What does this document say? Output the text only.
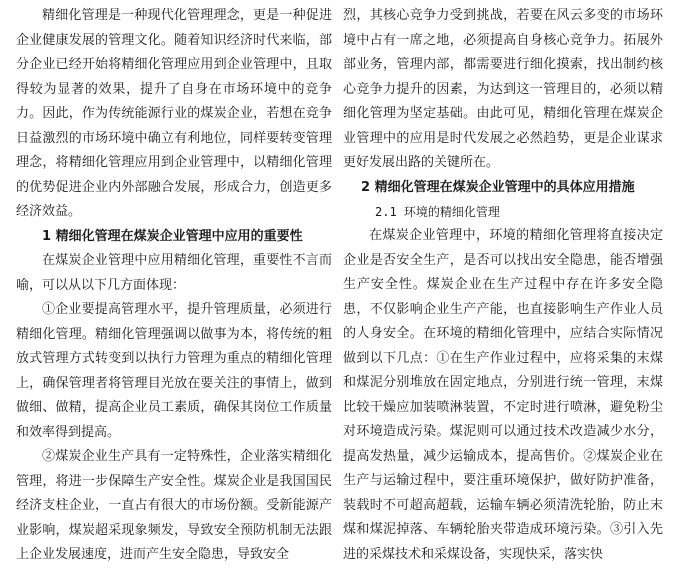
精细化管理是一种现代化管理理念，更是一种促进企业健康发展的管理文化。随着知识经济时代来临，部分企业已经开始将精细化管理应用到企业管理中，且取得较为显著的效果，提升了自身在市场环境中的竞争力。因此，作为传统能源行业的煤炭企业，若想在竞争日益激烈的市场环境中确立有利地位，同样要转变管理理念，将精细化管理应用到企业管理中，以精细化管理的优势促进企业内外部融合发展，形成合力，创造更多经济效益。

1 精细化管理在煤炭企业管理中应用的重要性

在煤炭企业管理中应用精细化管理，重要性不言而喻，可以从以下几方面体现：

①企业要提高管理水平，提升管理质量，必须进行精细化管理。精细化管理强调以做事为本，将传统的粗放式管理方式转变到以执行力管理为重点的精细化管理上，确保管理者将管理目光放在要关注的事情上，做到做细、做精，提高企业员工素质，确保其岗位工作质量和效率得到提高。

②煤炭企业生产具有一定特殊性，企业落实精细化管理，将进一步保障生产安全性。煤炭企业是我国国民经济支柱企业，一直占有很大的市场份额。受新能源产业影响，煤炭超采现象频发，导致安全预防机制无法跟上企业发展速度，进而产生安全隐患，导致安全

烈，其核心竞争力受到挑战，若要在风云多变的市场环境中占有一席之地，必须提高自身核心竞争力。拓展外部业务，管理内部，都需要进行细化摸索，找出制约核心竞争力提升的因素，为达到这一管理目的，必须以精细化管理为坚定基础。由此可见，精细化管理在煤炭企业管理中的应用是时代发展之必然趋势，更是企业谋求更好发展出路的关键所在。

2 精细化管理在煤炭企业管理中的具体应用措施
2.1 环境的精细化管理

在煤炭企业管理中，环境的精细化管理将直接决定企业是否安全生产，是否可以找出安全隐患，能否增强生产安全性。煤炭企业在生产过程中存在许多安全隐患，不仅影响企业生产产能，也直接影响生产作业人员的人身安全。在环境的精细化管理中，应结合实际情况做到以下几点：①在生产作业过程中，应将采集的末煤和煤泥分别堆放在固定地点，分别进行统一管理，末煤比较干燥应加装喷淋装置，不定时进行喷淋，避免粉尘对环境造成污染。煤泥则可以通过技术改造减少水分，提高发热量，减少运输成本，提高售价。②煤炭企业在生产与运输过程中，要注重环境保护，做好防护准备，装载时不可超高超载，运输车辆必须清洗轮胎，防止末煤和煤泥掉落、车辆轮胎夹带造成环境污染。③引入先进的采煤技术和采煤设备，实现快采，落实快
